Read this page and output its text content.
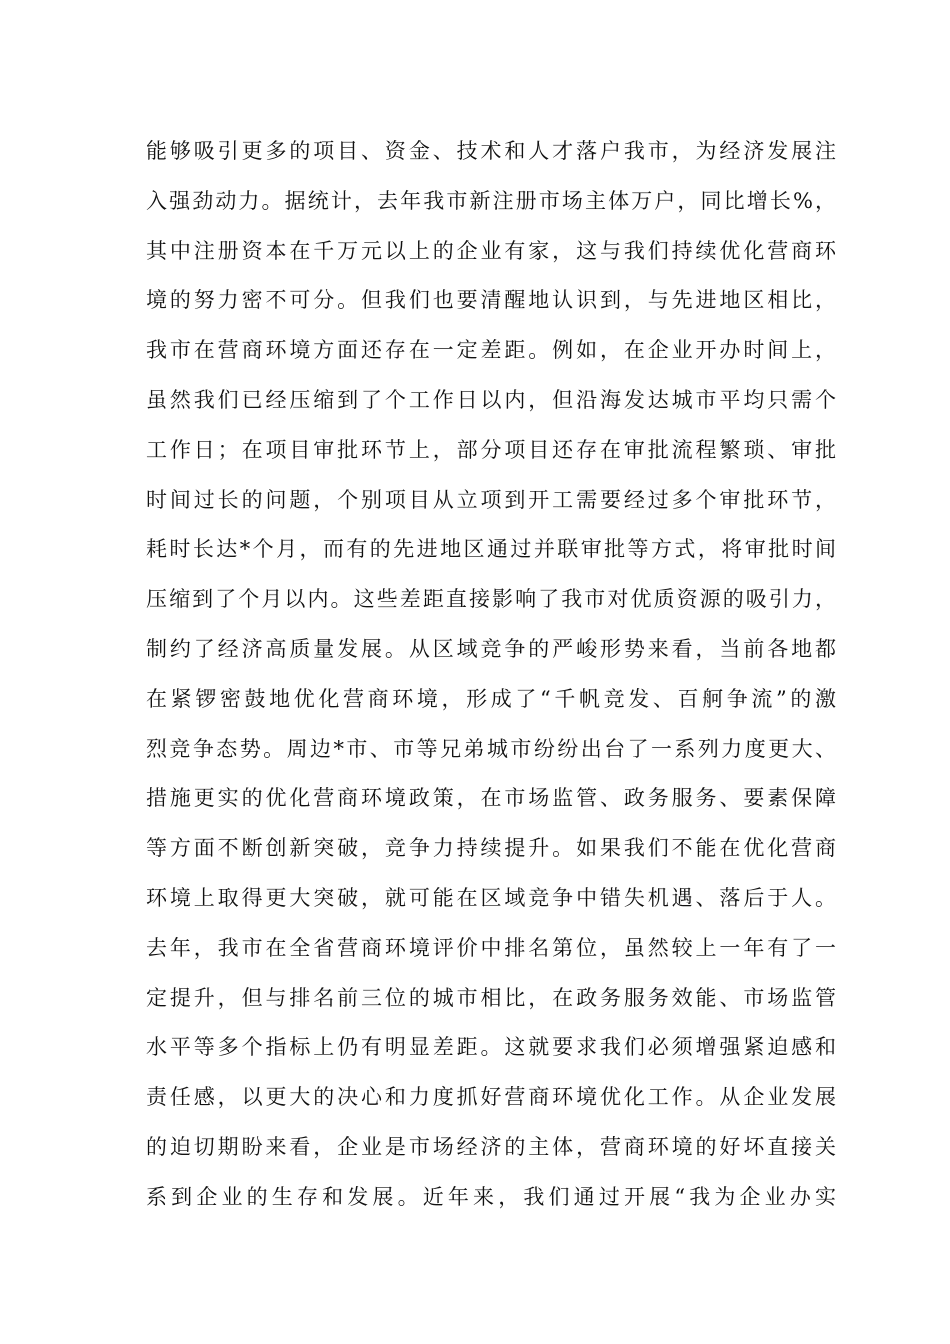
能够吸引更多的项目、资金、技术和人才落户我市，为经济发展注
入强劲动力。据统计，去年我市新注册市场主体万户，同比增长%，
其中注册资本在千万元以上的企业有家，这与我们持续优化营商环
境的努力密不可分。但我们也要清醒地认识到，与先进地区相比，
我市在营商环境方面还存在一定差距。例如，在企业开办时间上，
虽然我们已经压缩到了个工作日以内，但沿海发达城市平均只需个
工作日；在项目审批环节上，部分项目还存在审批流程繁琐、审批
时间过长的问题，个别项目从立项到开工需要经过多个审批环节，
耗时长达*个月，而有的先进地区通过并联审批等方式，将审批时间
压缩到了个月以内。这些差距直接影响了我市对优质资源的吸引力，
制约了经济高质量发展。从区域竞争的严峻形势来看，当前各地都
在紧锣密鼓地优化营商环境，形成了“千帆竞发、百舸争流”的激
烈竞争态势。周边*市、市等兄弟城市纷纷出台了一系列力度更大、
措施更实的优化营商环境政策，在市场监管、政务服务、要素保障
等方面不断创新突破，竞争力持续提升。如果我们不能在优化营商
环境上取得更大突破，就可能在区域竞争中错失机遇、落后于人。
去年，我市在全省营商环境评价中排名第位，虽然较上一年有了一
定提升，但与排名前三位的城市相比，在政务服务效能、市场监管
水平等多个指标上仍有明显差距。这就要求我们必须增强紧迫感和
责任感，以更大的决心和力度抓好营商环境优化工作。从企业发展
的迫切期盼来看，企业是市场经济的主体，营商环境的好坏直接关
系到企业的生存和发展。近年来，我们通过开展“我为企业办实
